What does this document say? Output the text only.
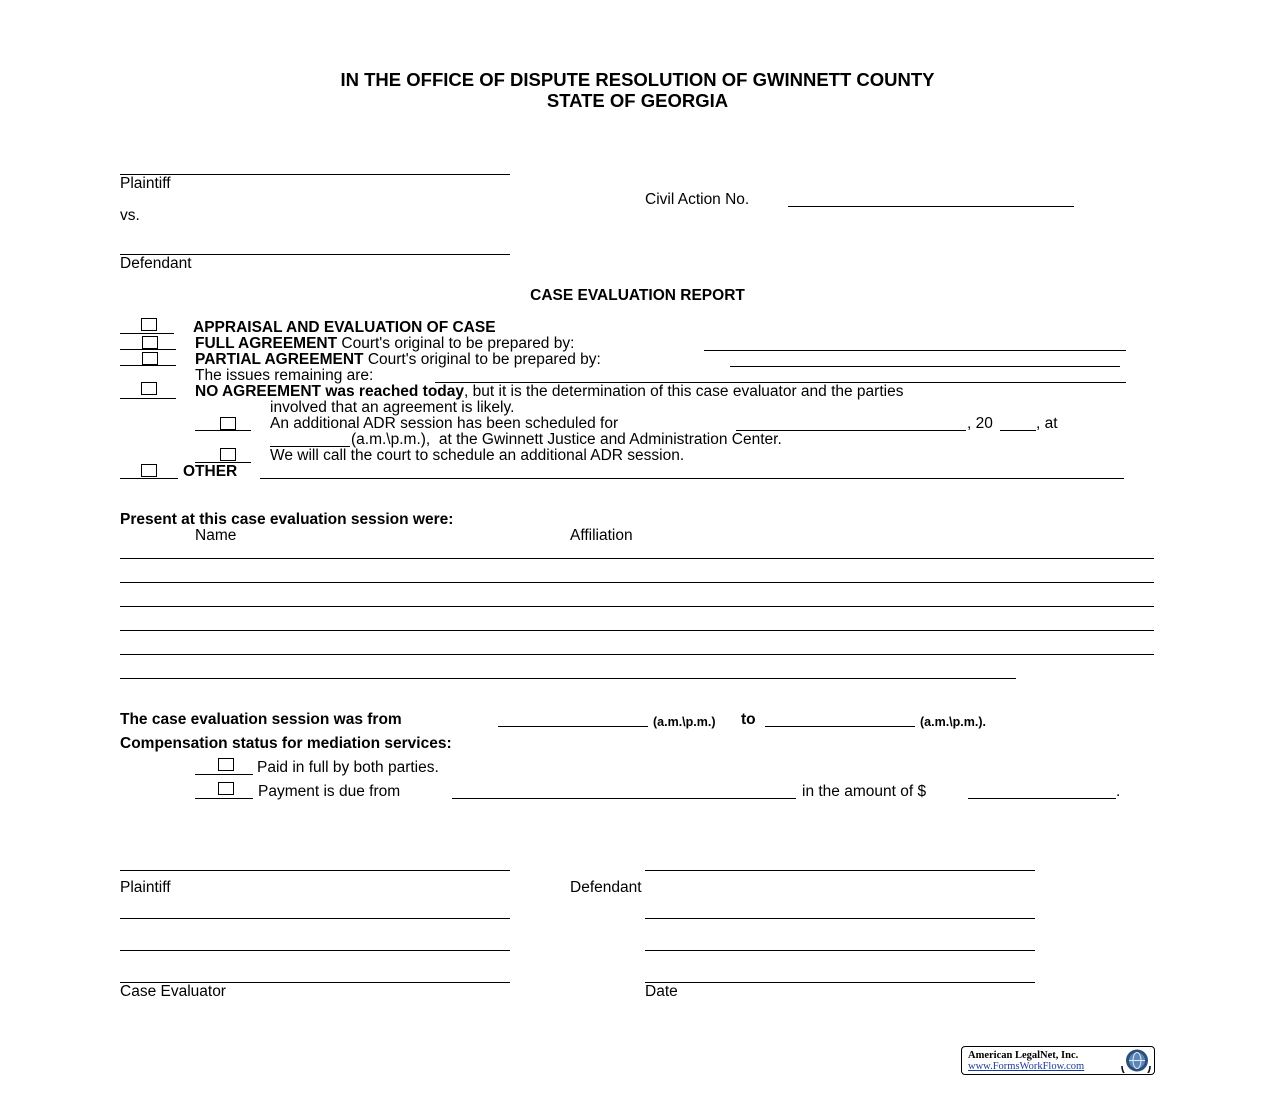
IN THE OFFICE OF DISPUTE RESOLUTION OF GWINNETT COUNTY
STATE OF GEORGIA
Plaintiff
Civil Action No.
vs.
Defendant
CASE EVALUATION REPORT
APPRAISAL AND EVALUATION OF CASE
FULL AGREEMENT Court's original to be prepared by:
PARTIAL AGREEMENT Court's original to be prepared by:
The issues remaining are:
NO AGREEMENT was reached today, but it is the determination of this case evaluator and the parties
involved that an agreement is likely.
An additional ADR session has been scheduled for	, 20	, at
(a.m.\p.m.),  at the Gwinnett Justice and Administration Center.
We will call the court to schedule an additional ADR session.
OTHER
Present at this case evaluation session were:
Name	Affiliation
The case evaluation session was from	(a.m.\p.m.) to	(a.m.\p.m.).
Compensation status for mediation services:
Paid in full by both parties.
Payment is due from	in the amount of $	.
Plaintiff	Defendant
Case Evaluator	Date
American LegalNet, Inc.
www.FormsWorkFlow.com
